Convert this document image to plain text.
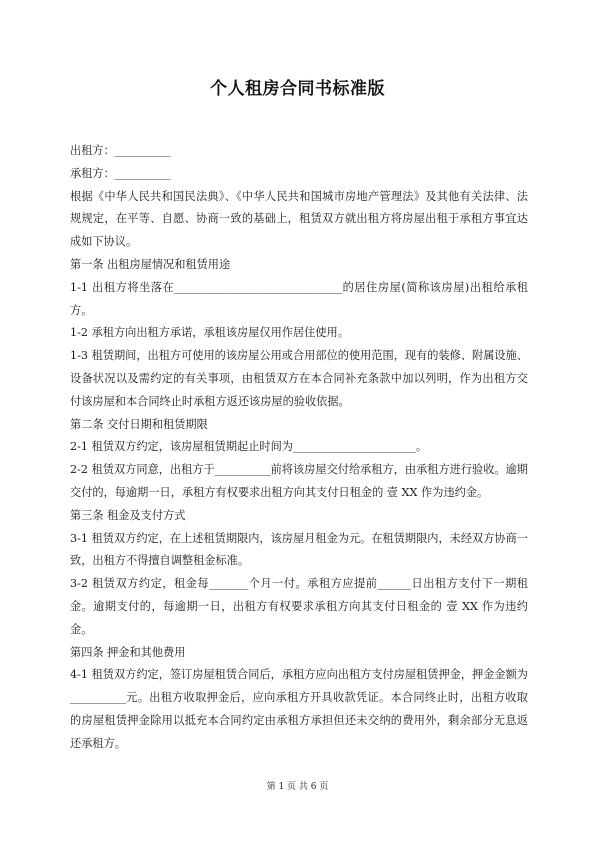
个人租房合同书标准版
出租方：__________
承租方：__________
根据《中华人民共和国民法典》、《中华人民共和国城市房地产管理法》及其他有关法律、法规规定，在平等、自愿、协商一致的基础上，租赁双方就出租方将房屋出租于承租方事宜达成如下协议。
第一条 出租房屋情况和租赁用途
1-1 出租方将坐落在______________________________的居住房屋(简称该房屋)出租给承租方。
1-2 承租方向出租方承诺，承租该房屋仅用作居住使用。
1-3 租赁期间，出租方可使用的该房屋公用或合用部位的使用范围，现有的装修、附属设施、设备状况以及需约定的有关事项，由租赁双方在本合同补充条款中加以列明，作为出租方交付该房屋和本合同终止时承租方返还该房屋的验收依据。
第二条 交付日期和租赁期限
2-1 租赁双方约定，该房屋租赁期起止时间为______________________。
2-2 租赁双方同意，出租方于__________前将该房屋交付给承租方，由承租方进行验收。逾期交付的，每逾期一日，承租方有权要求出租方向其支付日租金的 壹 XX 作为违约金。
第三条 租金及支付方式
3-1 租赁双方约定，在上述租赁期限内，该房屋月租金为元。在租赁期限内，未经双方协商一致，出租方不得擅自调整租金标准。
3-2 租赁双方约定，租金每_______个月一付。承租方应提前______日出租方支付下一期租金。逾期支付的，每逾期一日，出租方有权要求承租方向其支付日租金的 壹 XX 作为违约金。
第四条 押金和其他费用
4-1 租赁双方约定，签订房屋租赁合同后，承租方应向出租方支付房屋租赁押金，押金金额为__________元。出租方收取押金后，应向承租方开具收款凭证。本合同终止时，出租方收取的房屋租赁押金除用以抵充本合同约定由承租方承担但还未交纳的费用外，剩余部分无息返还承租方。
第 1 页 共 6 页
